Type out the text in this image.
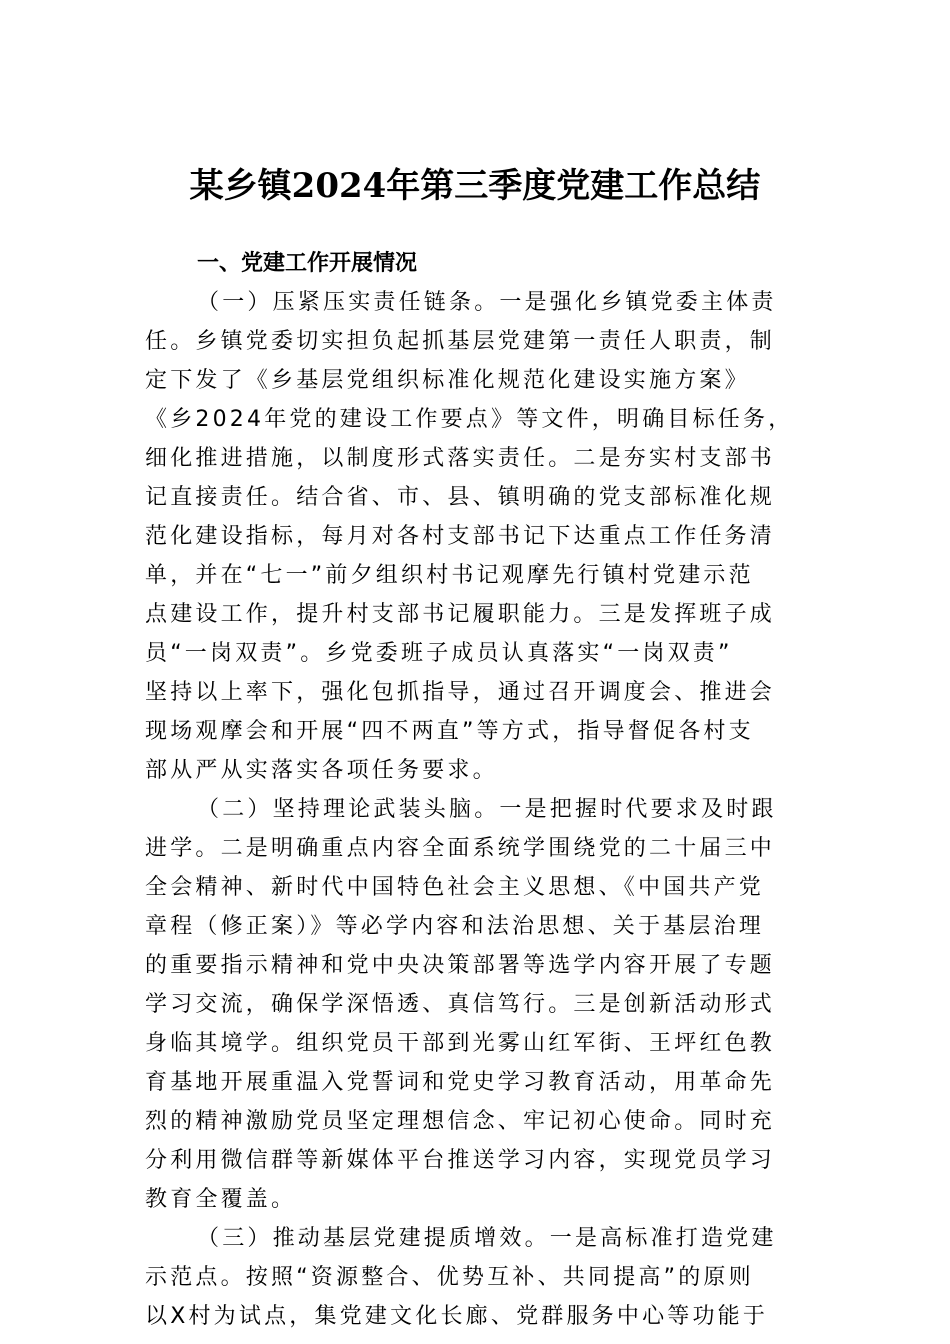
某乡镇2024年第三季度党建工作总结

一、党建工作开展情况

（一）压紧压实责任链条。一是强化乡镇党委主体责
任。乡镇党委切实担负起抓基层党建第一责任人职责，制
定下发了《乡基层党组织标准化规范化建设实施方案》
《乡2024年党的建设工作要点》等文件，明确目标任务，
细化推进措施，以制度形式落实责任。二是夯实村支部书
记直接责任。结合省、市、县、镇明确的党支部标准化规
范化建设指标，每月对各村支部书记下达重点工作任务清
单，并在“七一”前夕组织村书记观摩先行镇村党建示范
点建设工作，提升村支部书记履职能力。三是发挥班子成
员“一岗双责”。乡党委班子成员认真落实“一岗双责”
坚持以上率下，强化包抓指导，通过召开调度会、推进会
现场观摩会和开展“四不两直”等方式，指导督促各村支
部从严从实落实各项任务要求。

（二）坚持理论武装头脑。一是把握时代要求及时跟
进学。二是明确重点内容全面系统学围绕党的二十届三中
全会精神、新时代中国特色社会主义思想、《中国共产党
章程（修正案）》等必学内容和法治思想、关于基层治理
的重要指示精神和党中央决策部署等选学内容开展了专题
学习交流，确保学深悟透、真信笃行。三是创新活动形式
身临其境学。组织党员干部到光雾山红军街、王坪红色教
育基地开展重温入党誓词和党史学习教育活动，用革命先
烈的精神激励党员坚定理想信念、牢记初心使命。同时充
分利用微信群等新媒体平台推送学习内容，实现党员学习
教育全覆盖。

（三）推动基层党建提质增效。一是高标准打造党建
示范点。按照“资源整合、优势互补、共同提高”的原则
以X村为试点，集党建文化长廊、党群服务中心等功能于
